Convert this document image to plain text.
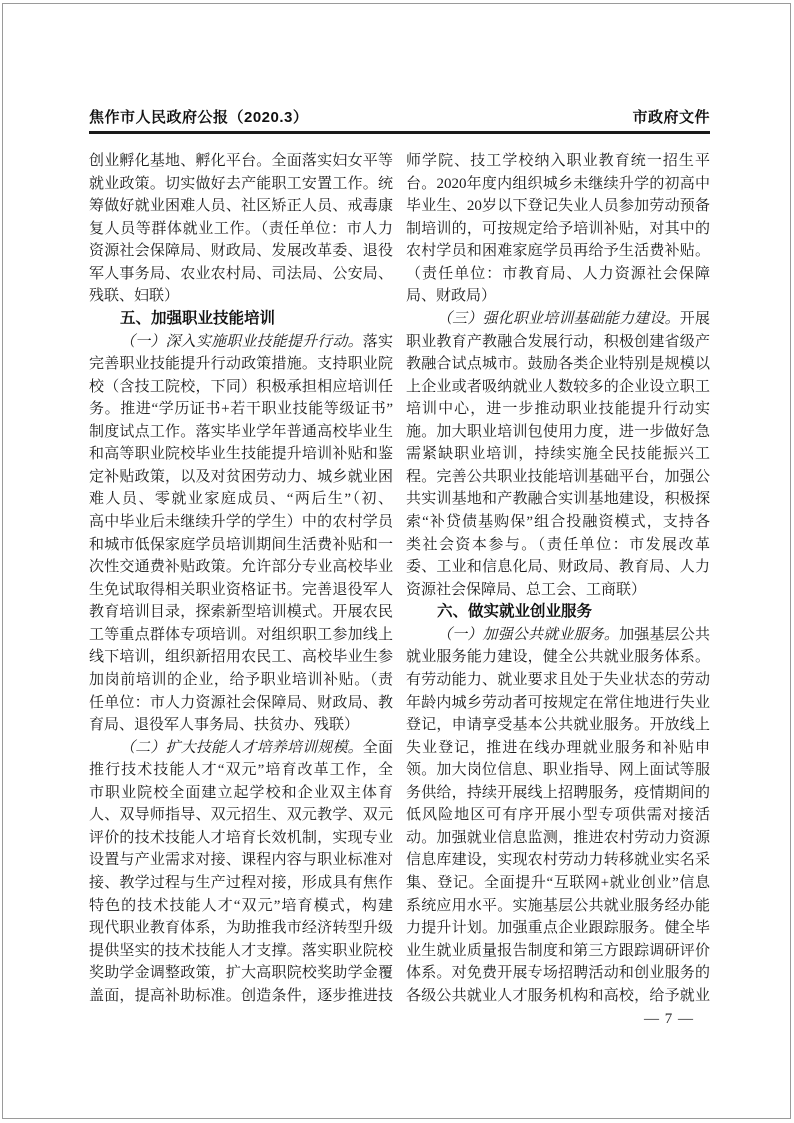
焦作市人民政府公报（2020.3）	市政府文件
创业孵化基地、孵化平台。全面落实妇女平等
就业政策。切实做好去产能职工安置工作。统
筹做好就业困难人员、社区矫正人员、戒毒康
复人员等群体就业工作。（责任单位：市人力
资源社会保障局、财政局、发展改革委、退役
军人事务局、农业农村局、司法局、公安局、
残联、妇联）
五、加强职业技能培训
（一）深入实施职业技能提升行动。落实
完善职业技能提升行动政策措施。支持职业院
校（含技工院校，下同）积极承担相应培训任
务。推进“学历证书+若干职业技能等级证书”
制度试点工作。落实毕业学年普通高校毕业生
和高等职业院校毕业生技能提升培训补贴和鉴
定补贴政策，以及对贫困劳动力、城乡就业困
难人员、零就业家庭成员、“两后生”（初、
高中毕业后未继续升学的学生）中的农村学员
和城市低保家庭学员培训期间生活费补贴和一
次性交通费补贴政策。允许部分专业高校毕业
生免试取得相关职业资格证书。完善退役军人
教育培训目录，探索新型培训模式。开展农民
工等重点群体专项培训。对组织职工参加线上
线下培训，组织新招用农民工、高校毕业生参
加岗前培训的企业，给予职业培训补贴。（责
任单位：市人力资源社会保障局、财政局、教
育局、退役军人事务局、扶贫办、残联）
（二）扩大技能人才培养培训规模。全面
推行技术技能人才“双元”培育改革工作，全
市职业院校全面建立起学校和企业双主体育
人、双导师指导、双元招生、双元教学、双元
评价的技术技能人才培育长效机制，实现专业
设置与产业需求对接、课程内容与职业标准对
接、教学过程与生产过程对接，形成具有焦作
特色的技术技能人才“双元”培育模式，构建
现代职业教育体系，为助推我市经济转型升级
提供坚实的技术技能人才支撑。落实职业院校
奖助学金调整政策，扩大高职院校奖助学金覆
盖面，提高补助标准。创造条件，逐步推进技
师学院、技工学校纳入职业教育统一招生平
台。2020年度内组织城乡未继续升学的初高中
毕业生、20岁以下登记失业人员参加劳动预备
制培训的，可按规定给予培训补贴，对其中的
农村学员和困难家庭学员再给予生活费补贴。
（责任单位：市教育局、人力资源社会保障
局、财政局）
（三）强化职业培训基础能力建设。开展
职业教育产教融合发展行动，积极创建省级产
教融合试点城市。鼓励各类企业特别是规模以
上企业或者吸纳就业人数较多的企业设立职工
培训中心，进一步推动职业技能提升行动实
施。加大职业培训包使用力度，进一步做好急
需紧缺职业培训，持续实施全民技能振兴工
程。完善公共职业技能培训基础平台，加强公
共实训基地和产教融合实训基地建设，积极探
索“补贷债基购保”组合投融资模式，支持各
类社会资本参与。（责任单位：市发展改革
委、工业和信息化局、财政局、教育局、人力
资源社会保障局、总工会、工商联）
六、做实就业创业服务
（一）加强公共就业服务。加强基层公共
就业服务能力建设，健全公共就业服务体系。
有劳动能力、就业要求且处于失业状态的劳动
年龄内城乡劳动者可按规定在常住地进行失业
登记，申请享受基本公共就业服务。开放线上
失业登记，推进在线办理就业服务和补贴申
领。加大岗位信息、职业指导、网上面试等服
务供给，持续开展线上招聘服务，疫情期间的
低风险地区可有序开展小型专项供需对接活
动。加强就业信息监测，推进农村劳动力资源
信息库建设，实现农村劳动力转移就业实名采
集、登记。全面提升“互联网+就业创业”信息
系统应用水平。实施基层公共就业服务经办能
力提升计划。加强重点企业跟踪服务。健全毕
业生就业质量报告制度和第三方跟踪调研评价
体系。对免费开展专场招聘活动和创业服务的
各级公共就业人才服务机构和高校，给予就业
— 7 —
